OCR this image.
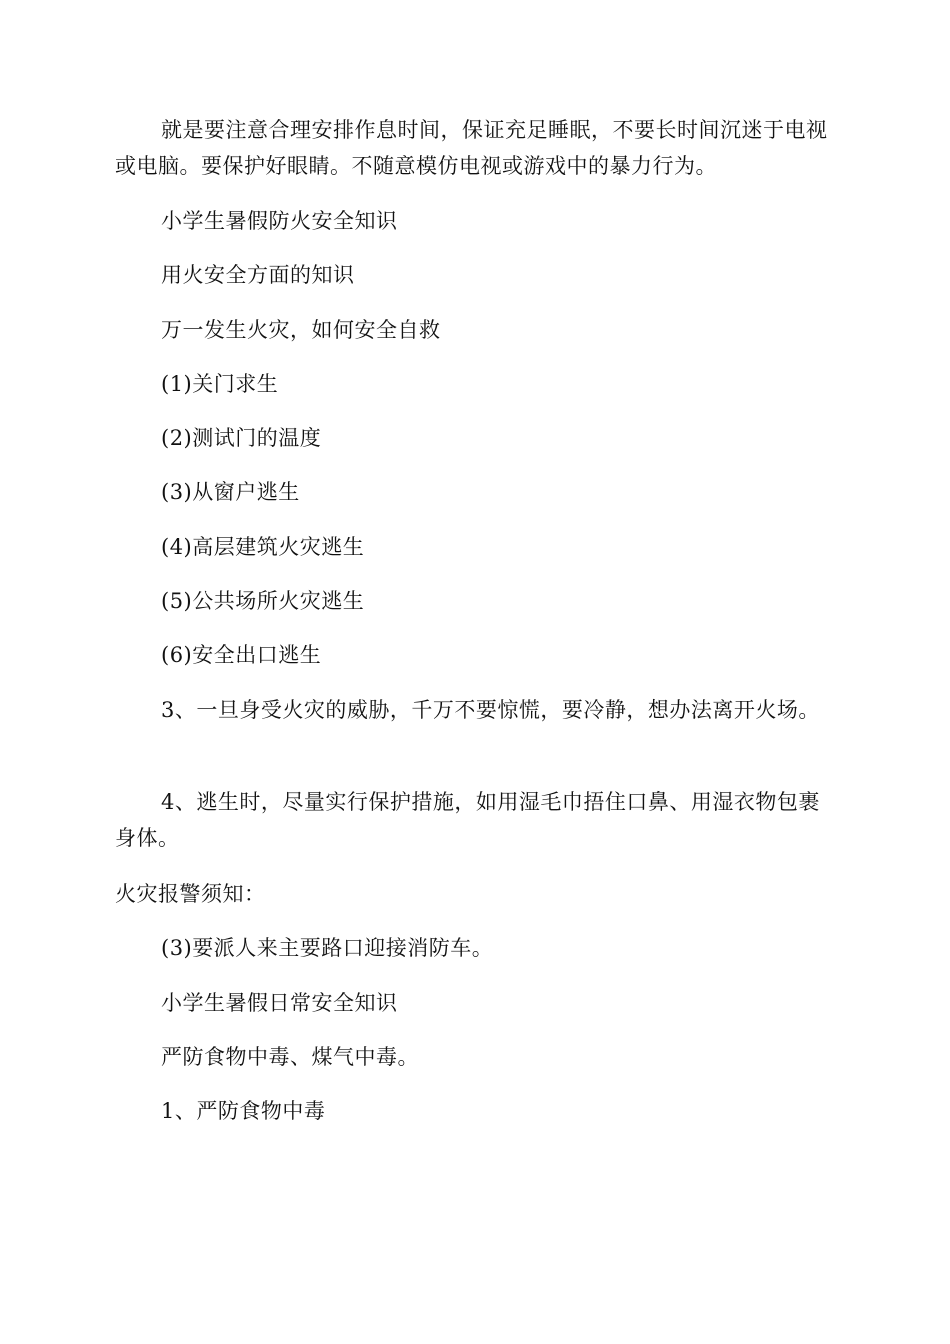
就是要注意合理安排作息时间，保证充足睡眠，不要长时间沉迷于电视或电脑。要保护好眼睛。不随意模仿电视或游戏中的暴力行为。

小学生暑假防火安全知识

用火安全方面的知识

万一发生火灾，如何安全自救

(1)关门求生

(2)测试门的温度

(3)从窗户逃生

(4)高层建筑火灾逃生

(5)公共场所火灾逃生

(6)安全出口逃生

3、一旦身受火灾的威胁，千万不要惊慌，要冷静，想办法离开火场。

4、逃生时，尽量实行保护措施，如用湿毛巾捂住口鼻、用湿衣物包裹身体。

火灾报警须知：

(3)要派人来主要路口迎接消防车。

小学生暑假日常安全知识

严防食物中毒、煤气中毒。

1、严防食物中毒
